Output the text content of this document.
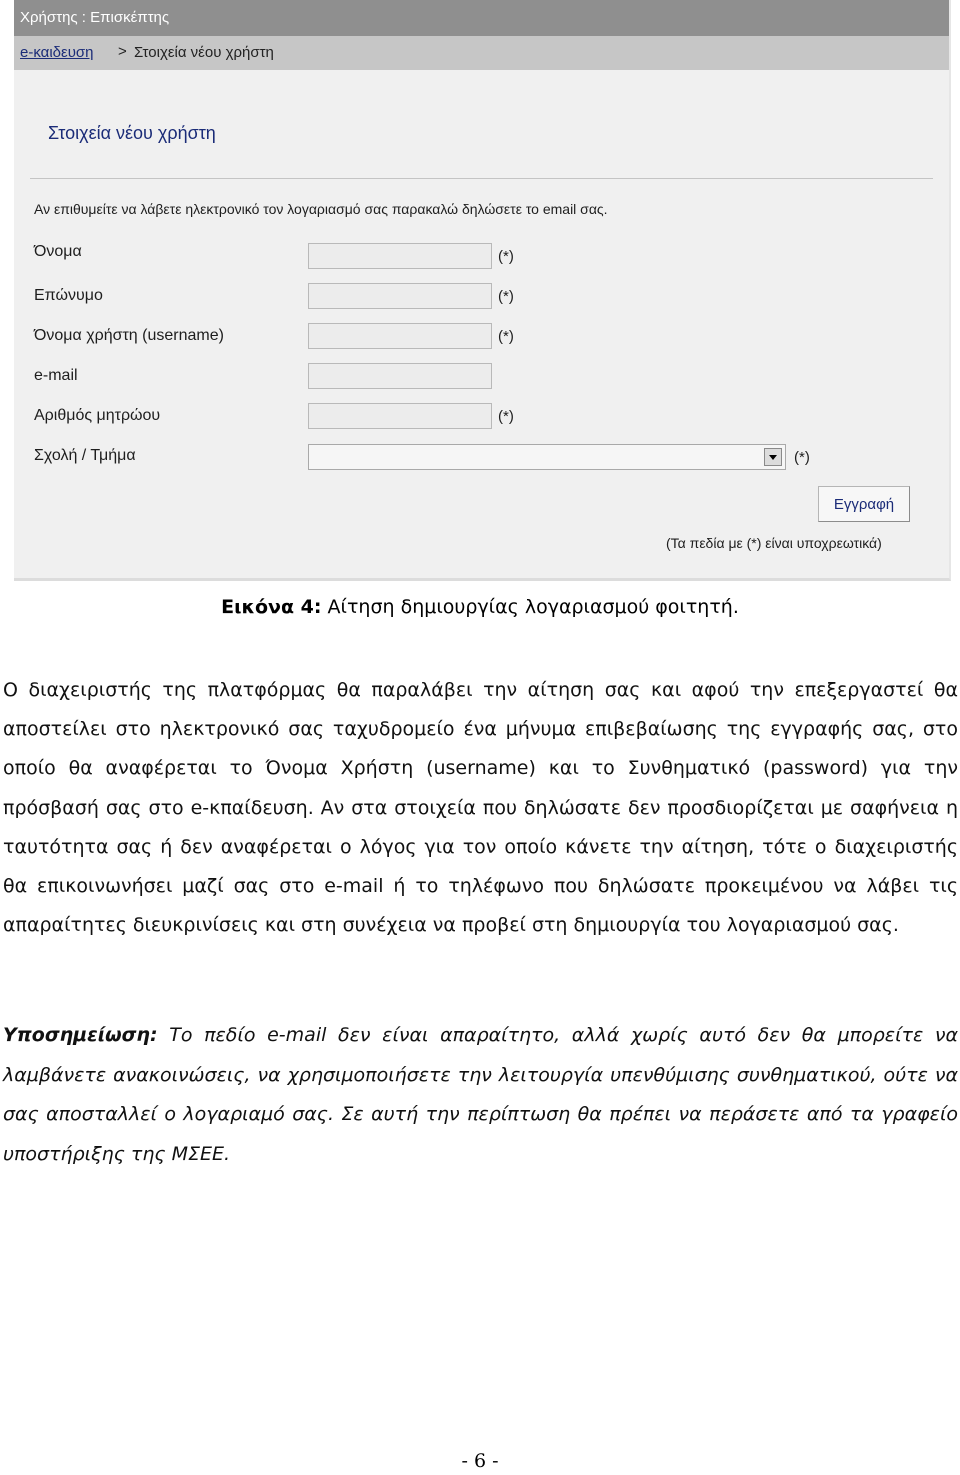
Χρήστης : Επισκέπτης
e-καιδευση > Στοιχεία νέου χρήστη
Στοιχεία νέου χρήστη
Αν επιθυμείτε να λάβετε ηλεκτρονικό τον λογαριασμό σας παρακαλώ δηλώσετε το email σας.
Όνομα	(*)
Επώνυμο	(*)
Όνομα χρήστη (username)	(*)
e-mail
Αριθμός μητρώου	(*)
Σχολή / Τμήμα	(*)
Εγγραφή
(Τα πεδία με (*) είναι υποχρεωτικά)
Εικόνα 4: Αίτηση δημιουργίας λογαριασμού φοιτητή.
Ο διαχειριστής της πλατφόρμας θα παραλάβει την αίτηση σας και αφού την επεξεργαστεί θα αποστείλει στο ηλεκτρονικό σας ταχυδρομείο ένα μήνυμα επιβεβαίωσης της εγγραφής σας, στο οποίο θα αναφέρεται το Όνομα Χρήστη (username) και το Συνθηματικό (password) για την πρόσβασή σας στο e-κπαίδευση. Αν στα στοιχεία που δηλώσατε δεν προσδιορίζεται με σαφήνεια η ταυτότητα σας ή δεν αναφέρεται ο λόγος για τον οποίο κάνετε την αίτηση, τότε ο διαχειριστής θα επικοινωνήσει μαζί σας στο e-mail ή το τηλέφωνο που δηλώσατε προκειμένου να λάβει τις απαραίτητες διευκρινίσεις και στη συνέχεια να προβεί στη δημιουργία του λογαριασμού σας.
Υποσημείωση: Το πεδίο e-mail δεν είναι απαραίτητο, αλλά χωρίς αυτό δεν θα μπορείτε να λαμβάνετε ανακοινώσεις, να χρησιμοποιήσετε την λειτουργία υπενθύμισης συνθηματικού, ούτε να σας αποσταλλεί ο λογαριαμό σας. Σε αυτή την περίπτωση θα πρέπει να περάσετε από τα γραφείο υποστήριξης της ΜΣΕΕ.
- 6 -
